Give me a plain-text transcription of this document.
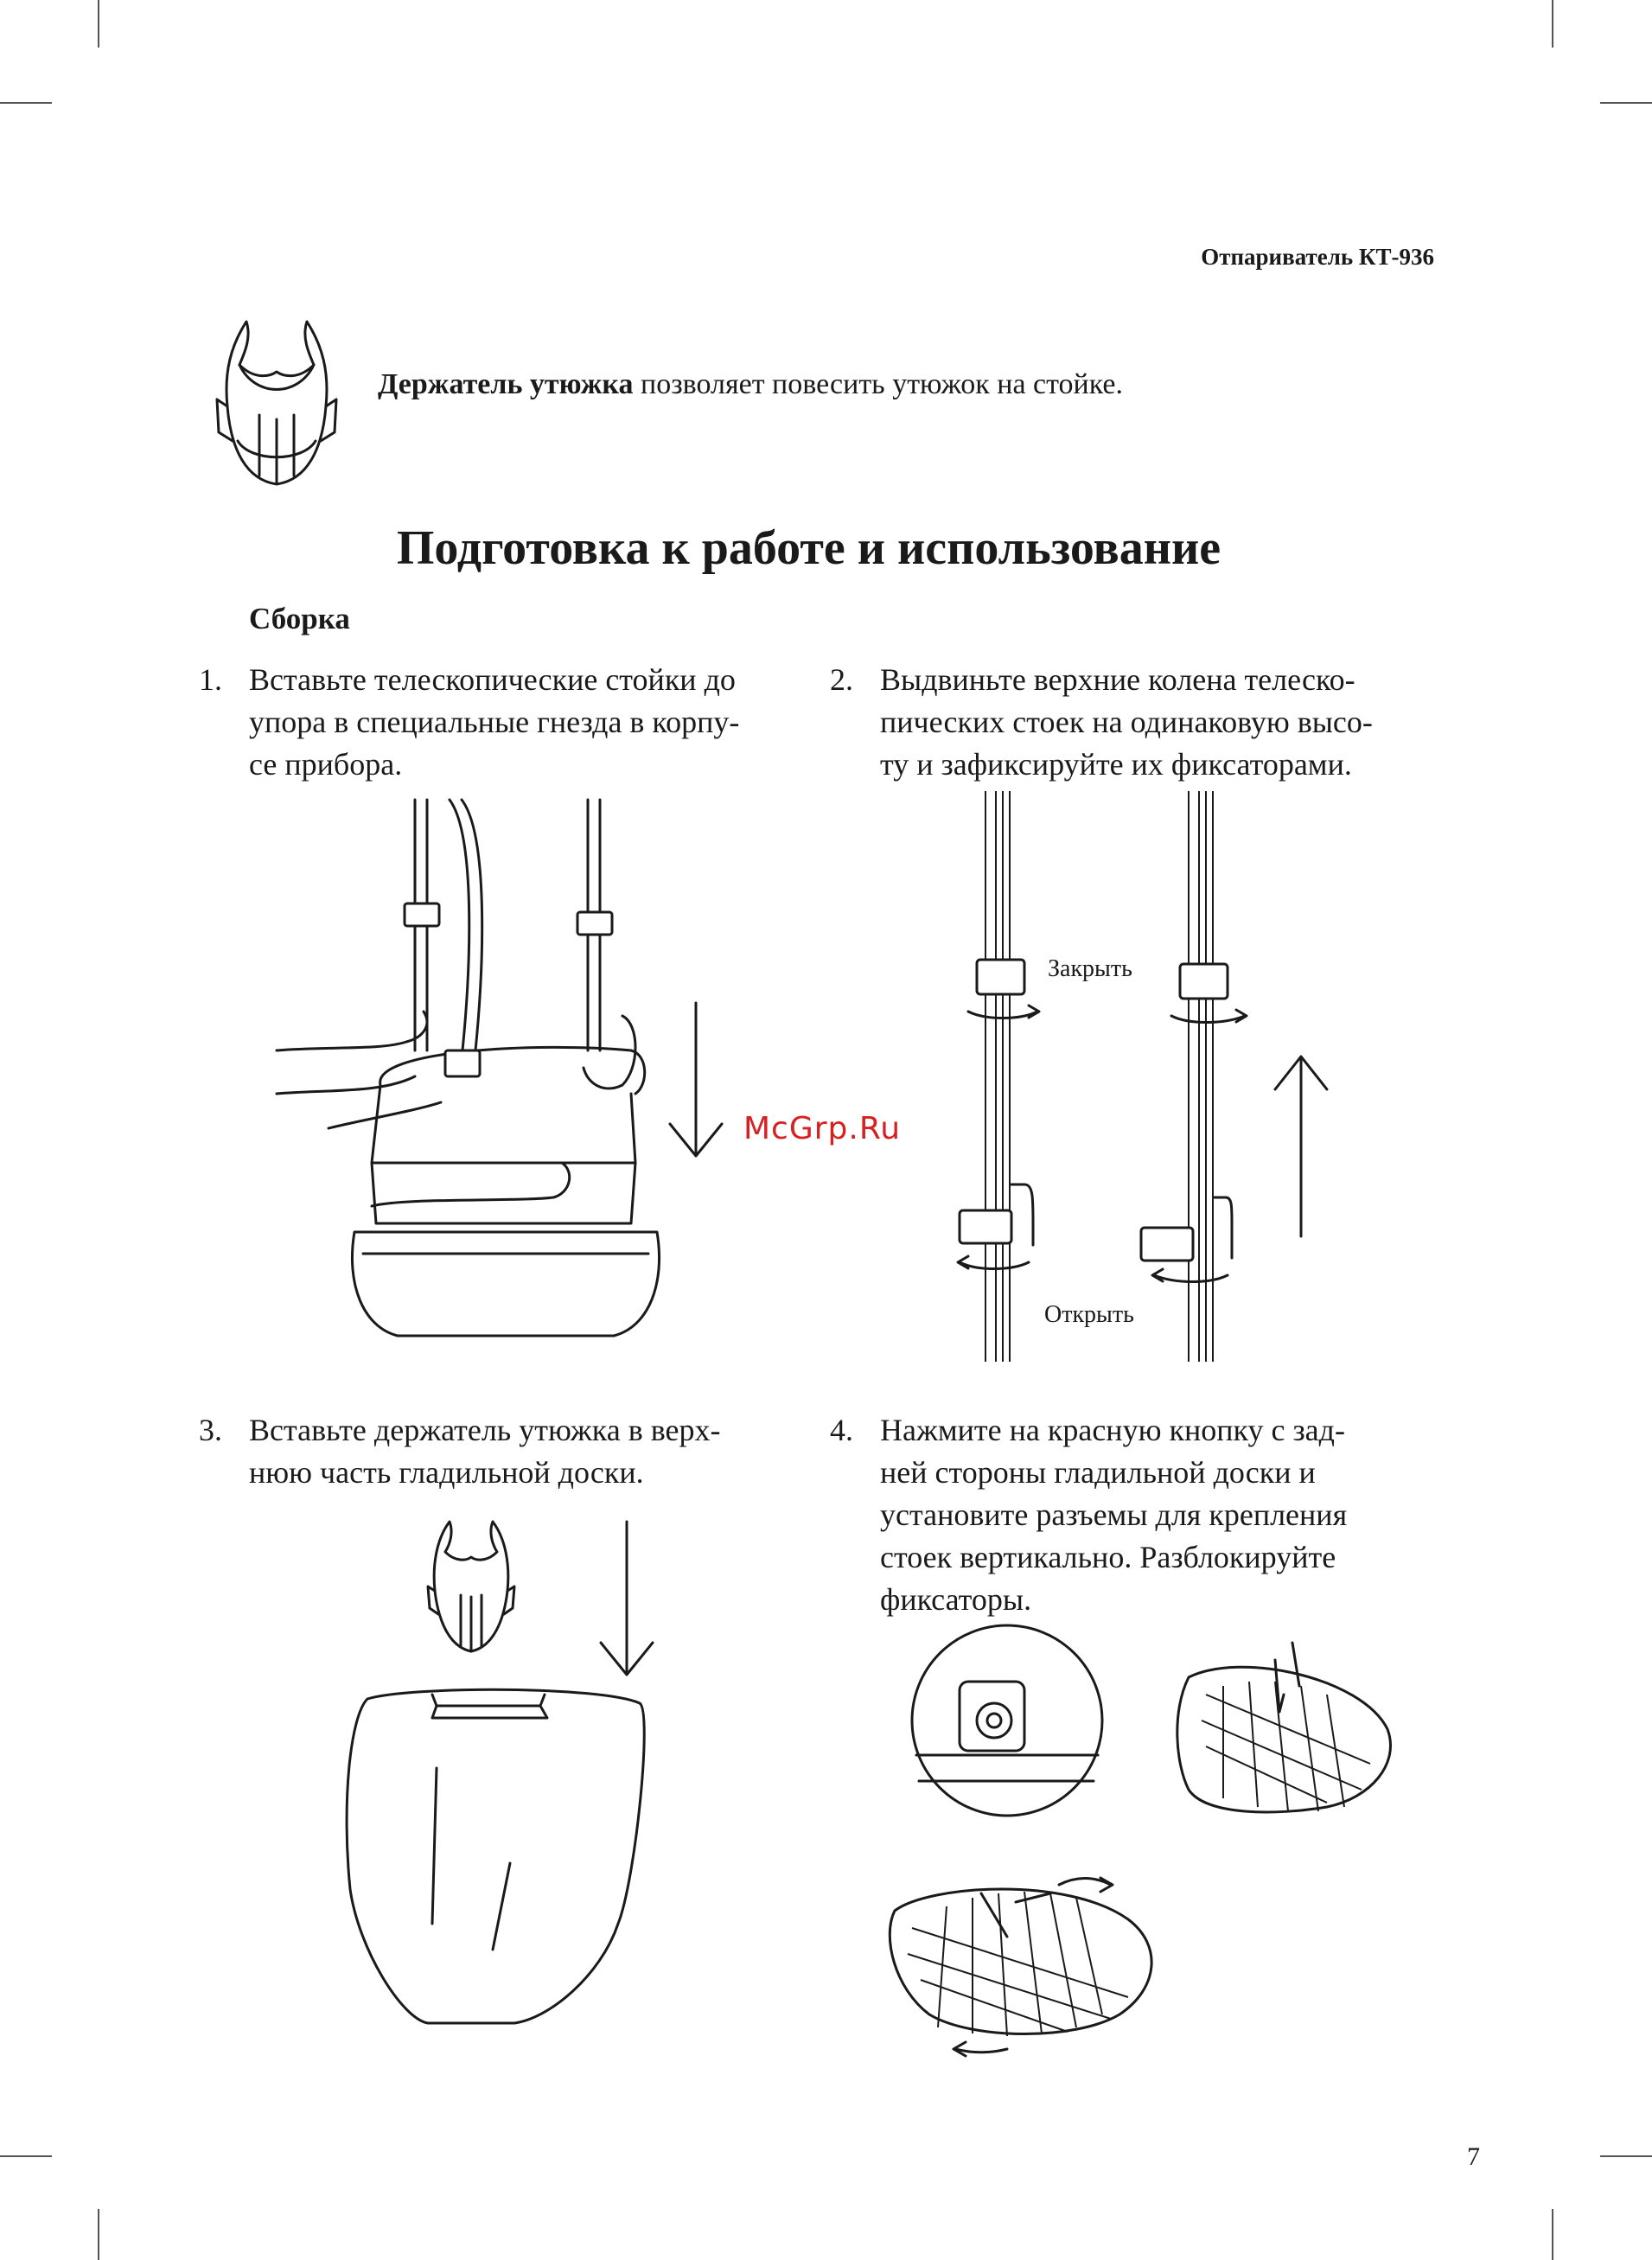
Отпариватель КТ-936
Держатель утюжка позволяет повесить утюжок на стойке.
Подготовка к работе и использование
Сборка
1. Вставьте телескопические стойки до
упора в специальные гнезда в корпу-
се прибора.
2. Выдвиньте верхние колена телеско-
пических стоек на одинаковую высо-
ту и зафиксируйте их фиксаторами.
McGrp.Ru
Закрыть
Открыть
3. Вставьте держатель утюжка в верх-
нюю часть гладильной доски.
4. Нажмите на красную кнопку с зад-
ней стороны гладильной доски и
установите разъемы для крепления
стоек вертикально. Разблокируйте
фиксаторы.
7
